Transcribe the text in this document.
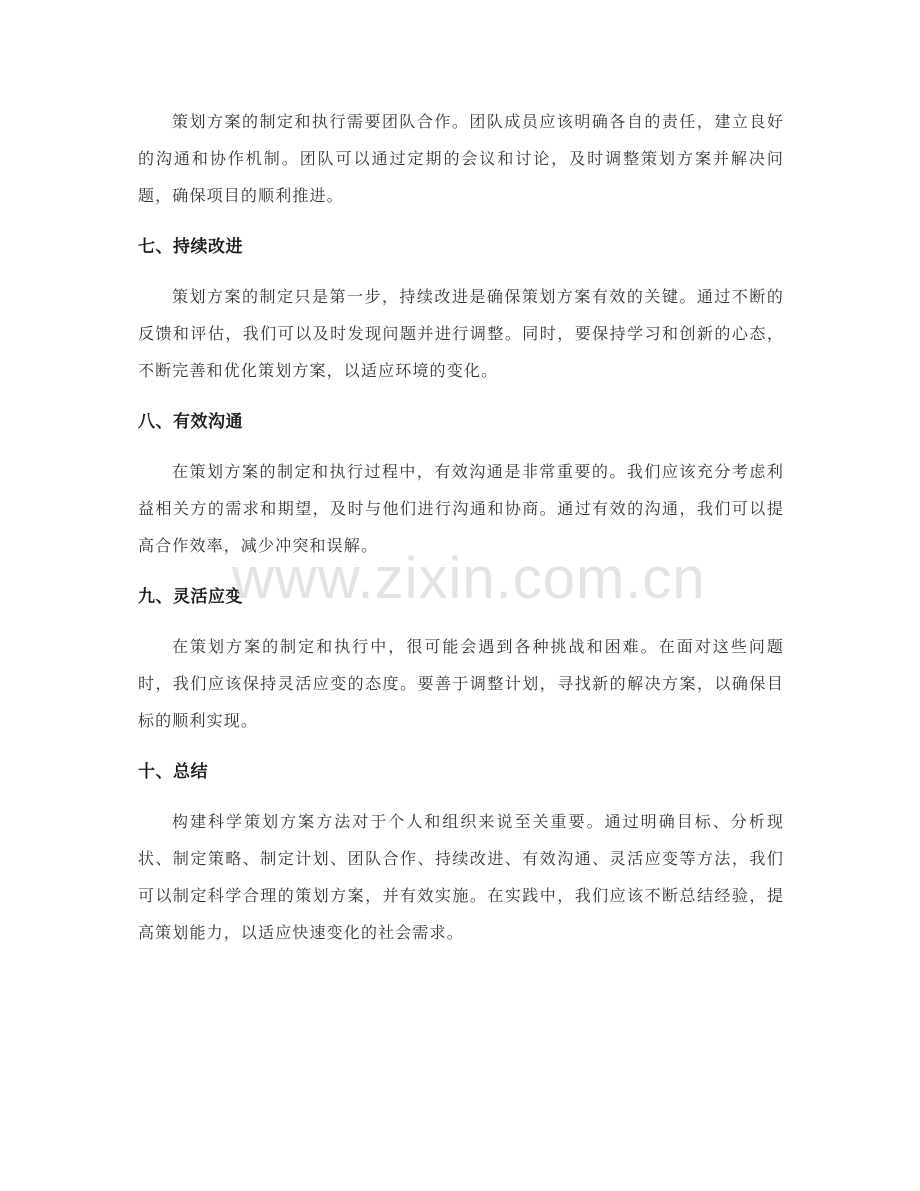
策划方案的制定和执行需要团队合作。团队成员应该明确各自的责任，建立良好的沟通和协作机制。团队可以通过定期的会议和讨论，及时调整策划方案并解决问题，确保项目的顺利推进。

七、持续改进

策划方案的制定只是第一步，持续改进是确保策划方案有效的关键。通过不断的反馈和评估，我们可以及时发现问题并进行调整。同时，要保持学习和创新的心态，不断完善和优化策划方案，以适应环境的变化。

八、有效沟通

在策划方案的制定和执行过程中，有效沟通是非常重要的。我们应该充分考虑利益相关方的需求和期望，及时与他们进行沟通和协商。通过有效的沟通，我们可以提高合作效率，减少冲突和误解。

九、灵活应变

在策划方案的制定和执行中，很可能会遇到各种挑战和困难。在面对这些问题时，我们应该保持灵活应变的态度。要善于调整计划，寻找新的解决方案，以确保目标的顺利实现。

十、总结

构建科学策划方案方法对于个人和组织来说至关重要。通过明确目标、分析现状、制定策略、制定计划、团队合作、持续改进、有效沟通、灵活应变等方法，我们可以制定科学合理的策划方案，并有效实施。在实践中，我们应该不断总结经验，提高策划能力，以适应快速变化的社会需求。

www.zixin.com.cn
